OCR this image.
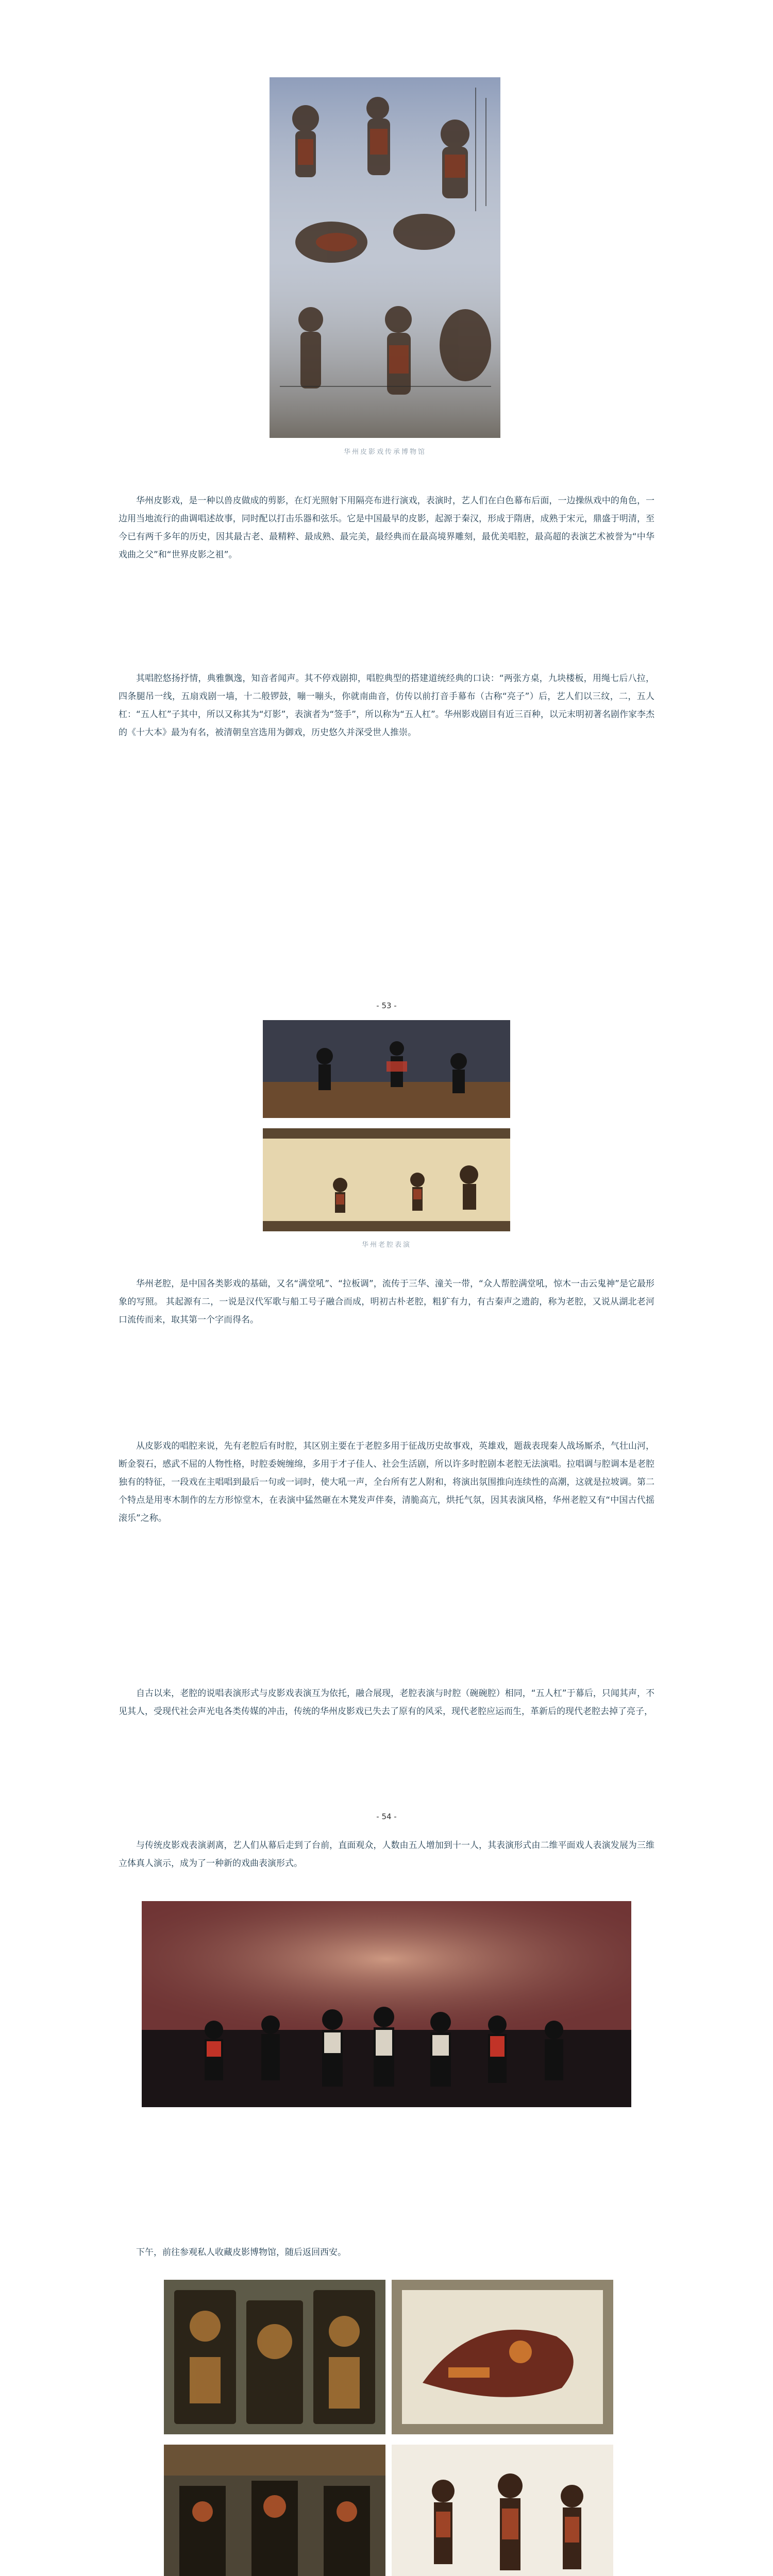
华州皮影戏传承博物馆

华州皮影戏，是一种以兽皮做成的剪影，在灯光照射下用隔亮布进行演戏，表演时，艺人们在白色幕布后面，一边操纵戏中的角色，一边用当地流行的曲调唱述故事，同时配以打击乐器和弦乐。它是中国最早的皮影，起源于秦汉，形成于隋唐，成熟于宋元，鼎盛于明清，至今已有两千多年的历史，因其最古老、最精粹、最成熟、最完美，最经典而在最高境界雕刻，最优美唱腔，最高超的表演艺术被誉为“中华戏曲之父”和“世界皮影之祖”。

其唱腔悠扬抒情，典雅飘逸，知音者闻声。其不停戏剧抑，唱腔典型的搭建道统经典的口诀：“两张方桌，九块楼板，用绳七后八拉，四条腿吊一线，五扇戏剧一墙，十二般锣鼓，嘣一嘣头，你就南曲音，仿传以前打音手幕布（古称“亮子”）后，艺人们以三纹，二，五人杠：“五人杠”子其中，所以又称其为“灯影”，表演者为“签手”，所以称为“五人杠”。华州影戏剧目有近三百种，以元末明初著名剧作家李杰的《十大本》最为有名，被清朝皇宫选用为御戏，历史悠久并深受世人推崇。

- 53 -
华州老腔表演

华州老腔，是中国各类影戏的基础，又名“满堂吼”、“拉板调”，流传于三华、潼关一带，“众人帮腔满堂吼，惊木一击云鬼神”是它最形象的写照。 其起源有二，一说是汉代军歌与船工号子融合而成，明初古朴老腔，粗犷有力，有古秦声之遗韵，称为老腔，又说从湖北老河口流传而来，取其第一个字而得名。

从皮影戏的唱腔来说，先有老腔后有时腔，其区别主要在于老腔多用于征战历史故事戏，英雄戏，题裁表现秦人战场厮杀，气壮山河，断金裂石，感武不屈的人物性格，时腔委婉缠绵，多用于才子佳人、社会生活剧，所以许多时腔剧本老腔无法演唱。拉唱调与腔调本是老腔独有的特征，一段戏在主唱唱到最后一句或一词时，使大吼一声，全台所有艺人附和，将演出氛围推向连续性的高潮，这就是拉坡调。第二个特点是用枣木制作的左方形惊堂木，在表演中猛然砸在木凳发声伴奏，清脆高亢，烘托气氛，因其表演风格，华州老腔又有“中国古代摇滚乐”之称。

自古以来，老腔的说唱表演形式与皮影戏表演互为依托，融合展现，老腔表演与时腔（碗碗腔）相同，“五人杠”于幕后，只闻其声，不见其人，受现代社会声光电各类传媒的冲击，传统的华州皮影戏已失去了原有的风采，现代老腔应运而生，革新后的现代老腔去掉了亮子，

- 54 -

与传统皮影戏表演剥离，艺人们从幕后走到了台前，直面观众，人数由五人增加到十一人，其表演形式由二维平面戏人表演发展为三维立体真人演示，成为了一种新的戏曲表演形式。

下午，前往参观私人收藏皮影博物馆，随后返回西安。
